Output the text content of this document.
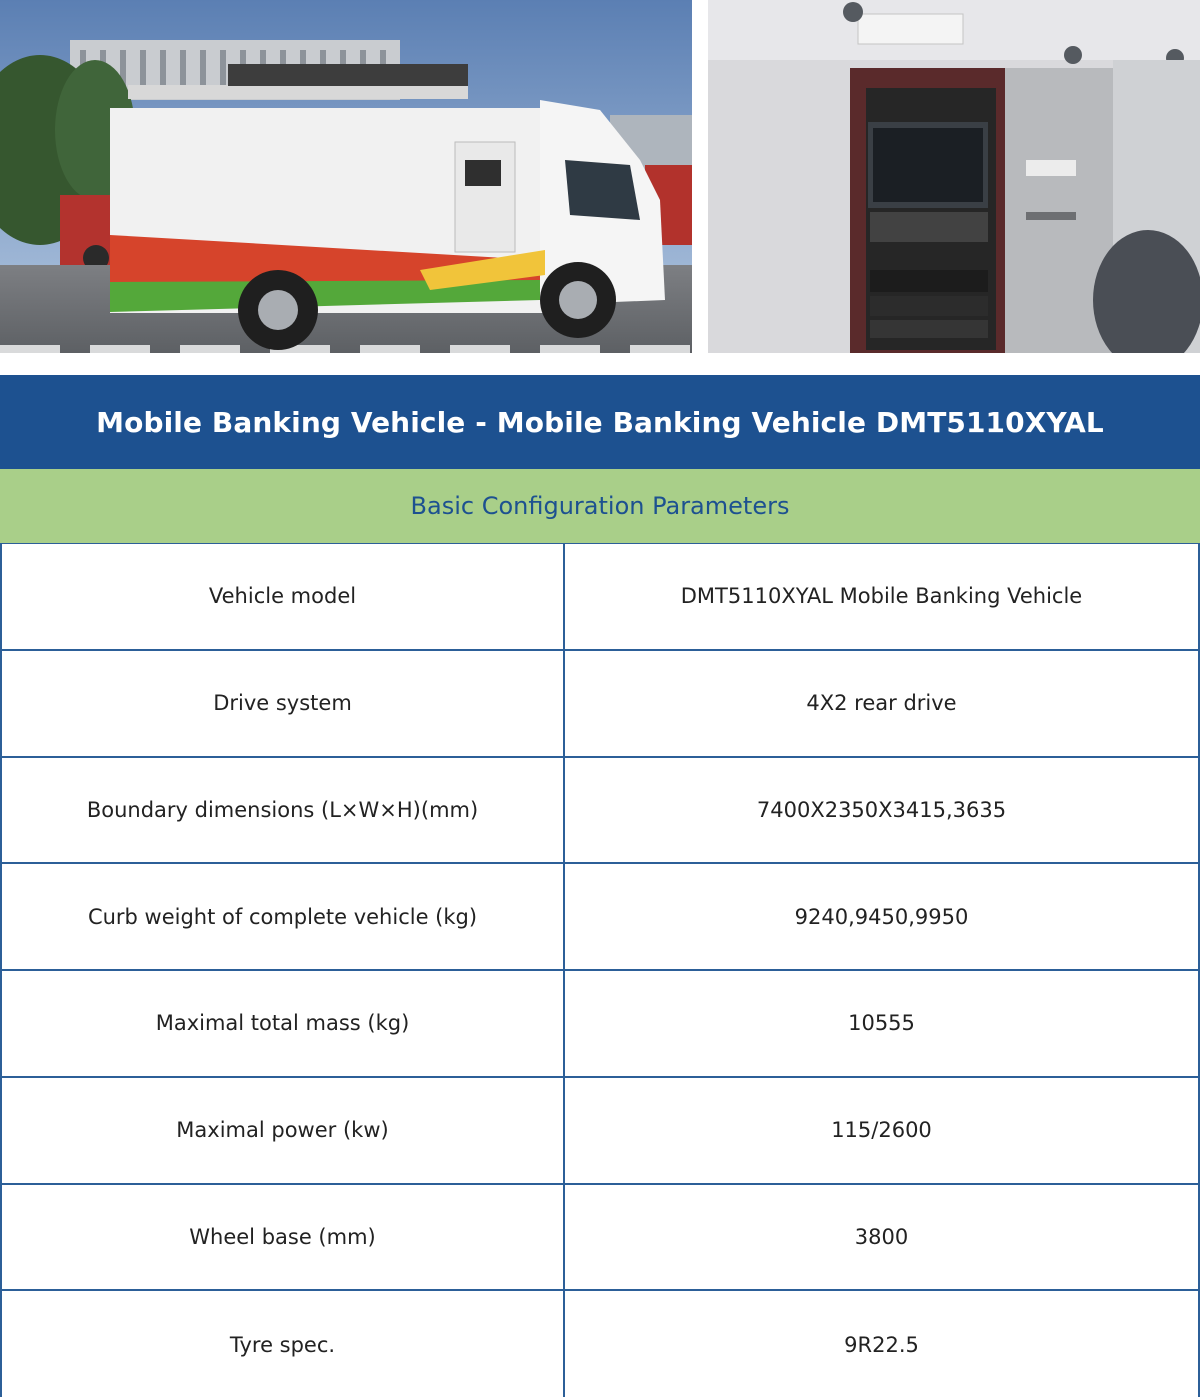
Mobile Banking Vehicle - Mobile Banking Vehicle DMT5110XYAL
Basic Configuration Parameters
Vehicle model	DMT5110XYAL Mobile Banking Vehicle
Drive system	4X2 rear drive
Boundary dimensions (L×W×H)(mm)	7400X2350X3415,3635
Curb weight of complete vehicle (kg)	9240,9450,9950
Maximal total mass (kg)	10555
Maximal power (kw)	115/2600
Wheel base (mm)	3800
Tyre spec.	9R22.5
